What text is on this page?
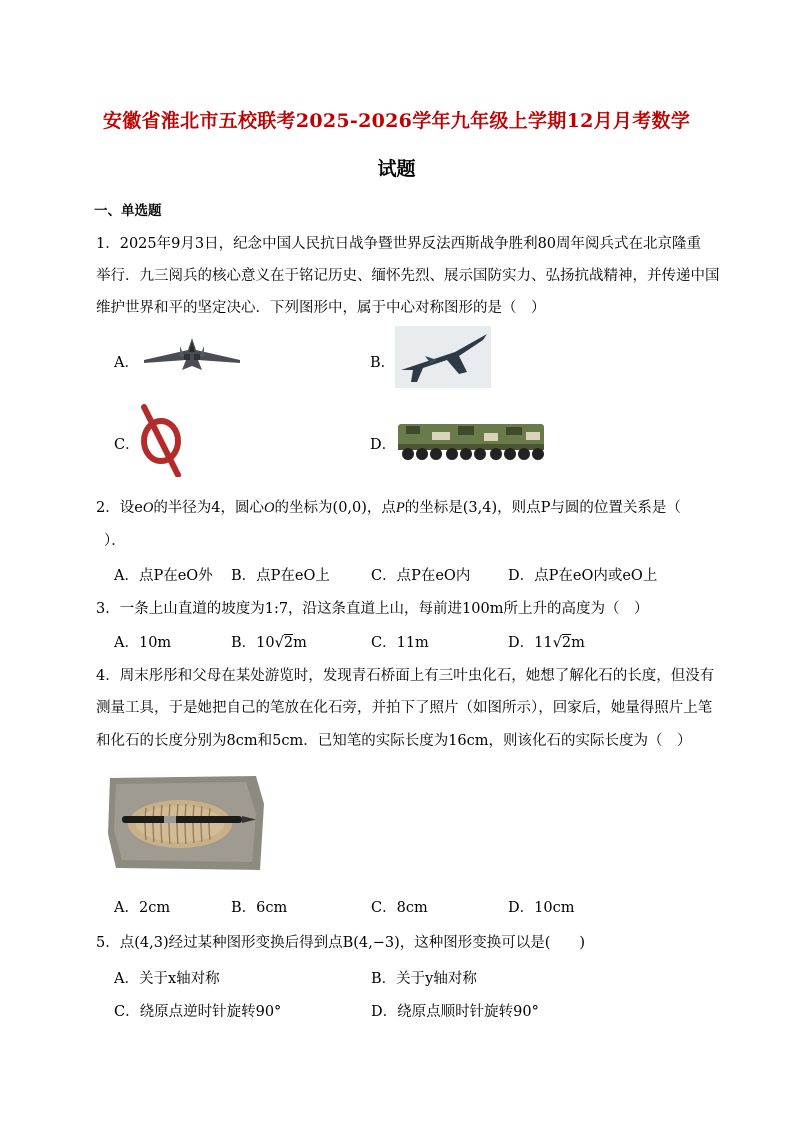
安徽省淮北市五校联考2025-2026学年九年级上学期12月月考数学
试题
一、单选题
1．2025年9月3日，纪念中国人民抗日战争暨世界反法西斯战争胜利80周年阅兵式在北京隆重
举行．九三阅兵的核心意义在于铭记历史、缅怀先烈、展示国防实力、弘扬抗战精神，并传递中国
维护世界和平的坚定决心．下列图形中，属于中心对称图形的是（　）
A．	B．
C．	D．
2．设eO的半径为4，圆心O的坐标为(0,0)，点P的坐标是(3,4)，则点P与圆的位置关系是（
）．
A．点P在eO外 B．点P在eO上	C．点P在eO内	D．点P在eO内或eO上
3．一条上山直道的坡度为1:7，沿这条直道上山，每前进100m所上升的高度为（　）
A．10m	B．10√2m	C．11m	D．11√2m
4．周末彤彤和父母在某处游览时，发现青石桥面上有三叶虫化石，她想了解化石的长度，但没有
测量工具，于是她把自己的笔放在化石旁，并拍下了照片（如图所示），回家后，她量得照片上笔
和化石的长度分别为8cm和5cm．已知笔的实际长度为16cm，则该化石的实际长度为（　）
A．2cm	B．6cm	C．8cm	D．10cm
5．点(4,3)经过某种图形变换后得到点B(4,−3)，这种图形变换可以是(　　)
A．关于x轴对称	B．关于y轴对称
C．绕原点逆时针旋转90°	D．绕原点顺时针旋转90°
